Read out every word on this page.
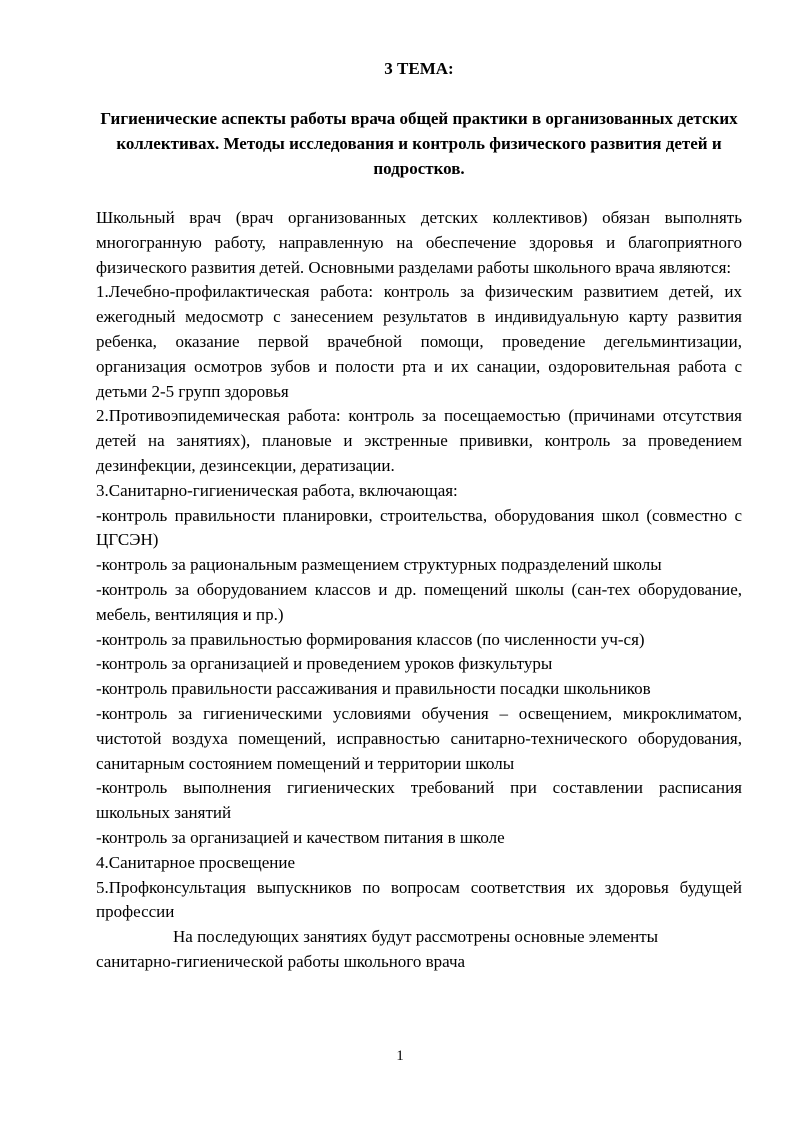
3 ТЕМА:
Гигиенические аспекты работы врача общей практики в организованных детских коллективах. Методы исследования и контроль физического развития детей и подростков.

Школьный врач (врач организованных детских коллективов) обязан выполнять многогранную работу, направленную на обеспечение здоровья и благоприятного физического развития детей. Основными разделами работы школьного врача являются:

1.Лечебно-профилактическая работа: контроль за физическим развитием детей, их ежегодный медосмотр с занесением результатов в индивидуальную карту развития ребенка, оказание первой врачебной помощи, проведение дегельминтизации, организация осмотров зубов и полости рта и их санации, оздоровительная работа с детьми 2-5 групп здоровья

2.Противоэпидемическая работа: контроль за посещаемостью (причинами отсутствия детей на занятиях), плановые и экстренные прививки, контроль за проведением дезинфекции, дезинсекции, дератизации.

3.Санитарно-гигиеническая работа, включающая:

-контроль правильности планировки, строительства, оборудования школ (совместно с ЦГСЭН)

-контроль за рациональным размещением структурных подразделений школы

-контроль за оборудованием классов и др. помещений школы (сан-тех оборудование, мебель, вентиляция и пр.)

-контроль за правильностью формирования классов (по численности уч-ся)

-контроль за организацией и проведением уроков физкультуры

-контроль правильности рассаживания и правильности посадки школьников

-контроль за гигиеническими условиями обучения – освещением, микроклиматом, чистотой воздуха помещений, исправностью санитарно-технического оборудования, санитарным состоянием помещений и территории школы

-контроль выполнения гигиенических требований при составлении расписания школьных занятий

-контроль за организацией и качеством питания в школе

4.Санитарное просвещение

5.Профконсультация выпускников по вопросам соответствия их здоровья будущей профессии

На последующих занятиях будут рассмотрены основные элементы санитарно-гигиенической работы школьного врача

1
